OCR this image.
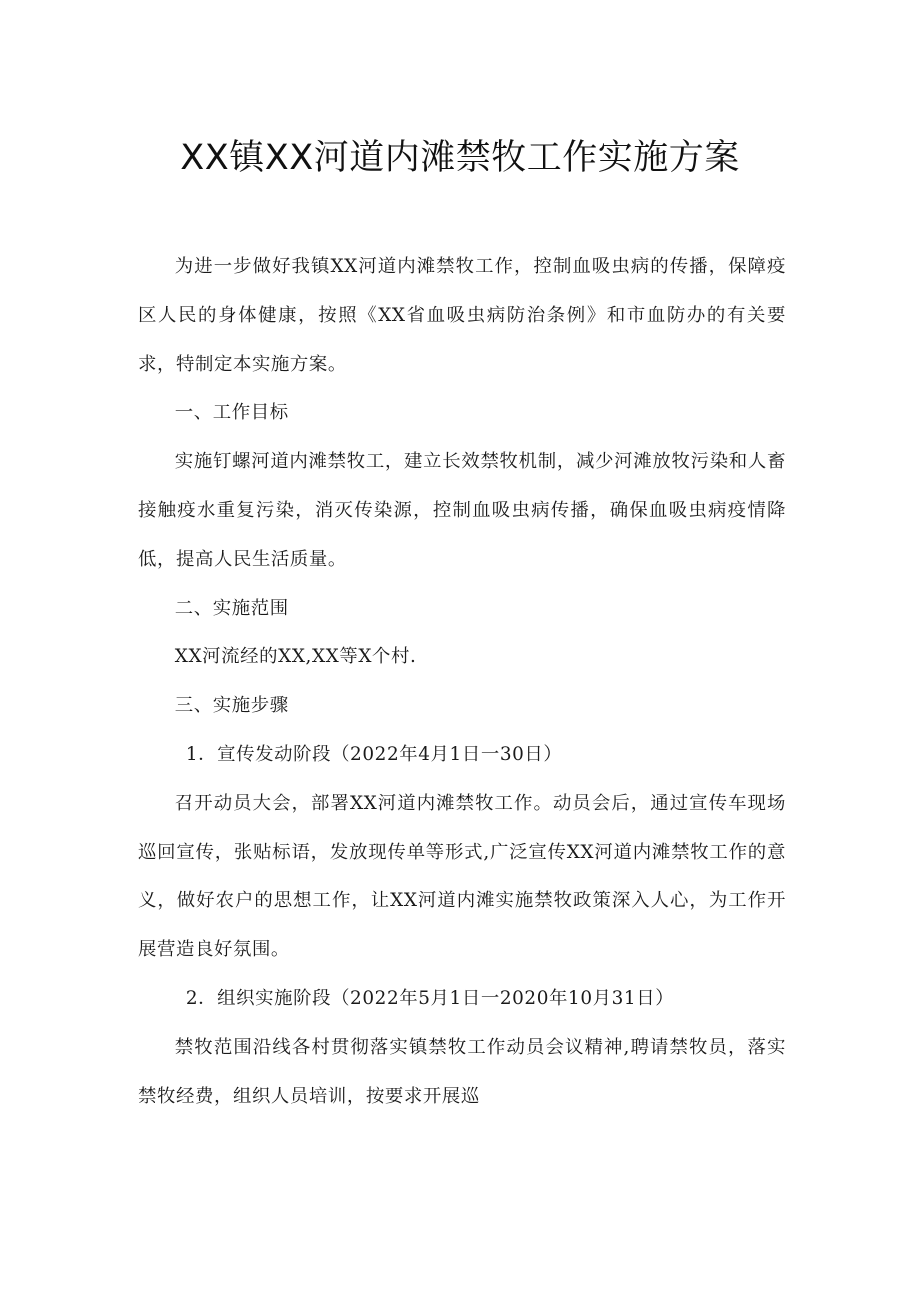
XX镇XX河道内滩禁牧工作实施方案

为进一步做好我镇XX河道内滩禁牧工作，控制血吸虫病的传播，保障疫区人民的身体健康，按照《XX省血吸虫病防治条例》和市血防办的有关要求，特制定本实施方案。

一、工作目标

实施钉螺河道内滩禁牧工，建立长效禁牧机制，减少河滩放牧污染和人畜接触疫水重复污染，消灭传染源，控制血吸虫病传播，确保血吸虫病疫情降低，提高人民生活质量。

二、实施范围

XX河流经的XX,XX等X个村.

三、实施步骤

1．宣传发动阶段（2022年4月1日一30日）

召开动员大会，部署XX河道内滩禁牧工作。动员会后，通过宣传车现场巡回宣传，张贴标语，发放现传单等形式,广泛宣传XX河道内滩禁牧工作的意义，做好农户的思想工作，让XX河道内滩实施禁牧政策深入人心，为工作开展营造良好氛围。

2．组织实施阶段（2022年5月1日一2020年10月31日）

禁牧范围沿线各村贯彻落实镇禁牧工作动员会议精神,聘请禁牧员，落实禁牧经费，组织人员培训，按要求开展巡
